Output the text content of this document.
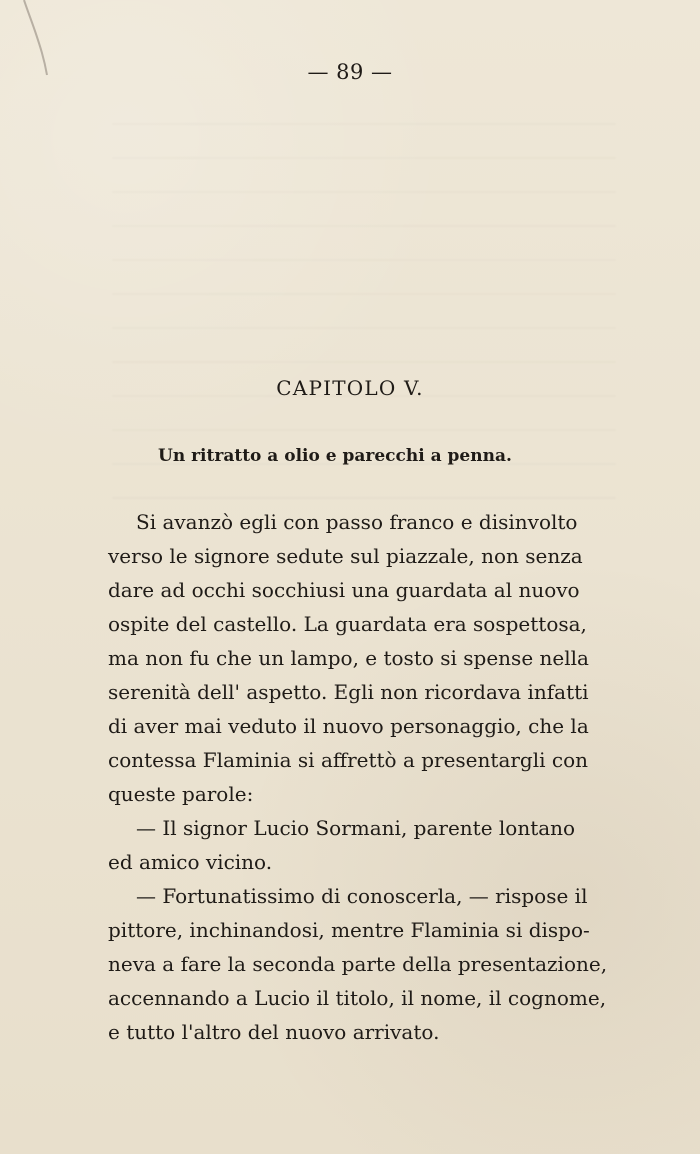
— 89 —
CAPITOLO V.
Un ritratto a olio e parecchi a penna.
Si avanzò egli con passo franco e disinvolto
verso le signore sedute sul piazzale, non senza
dare ad occhi socchiusi una guardata al nuovo
ospite del castello. La guardata era sospettosa,
ma non fu che un lampo, e tosto si spense nella
serenità dell' aspetto. Egli non ricordava infatti
di aver mai veduto il nuovo personaggio, che la
contessa Flaminia si affrettò a presentargli con
queste parole:
— Il signor Lucio Sormani, parente lontano
ed amico vicino.
— Fortunatissimo di conoscerla, — rispose il
pittore, inchinandosi, mentre Flaminia si dispo-
neva a fare la seconda parte della presentazione,
accennando a Lucio il titolo, il nome, il cognome,
e tutto l'altro del nuovo arrivato.
